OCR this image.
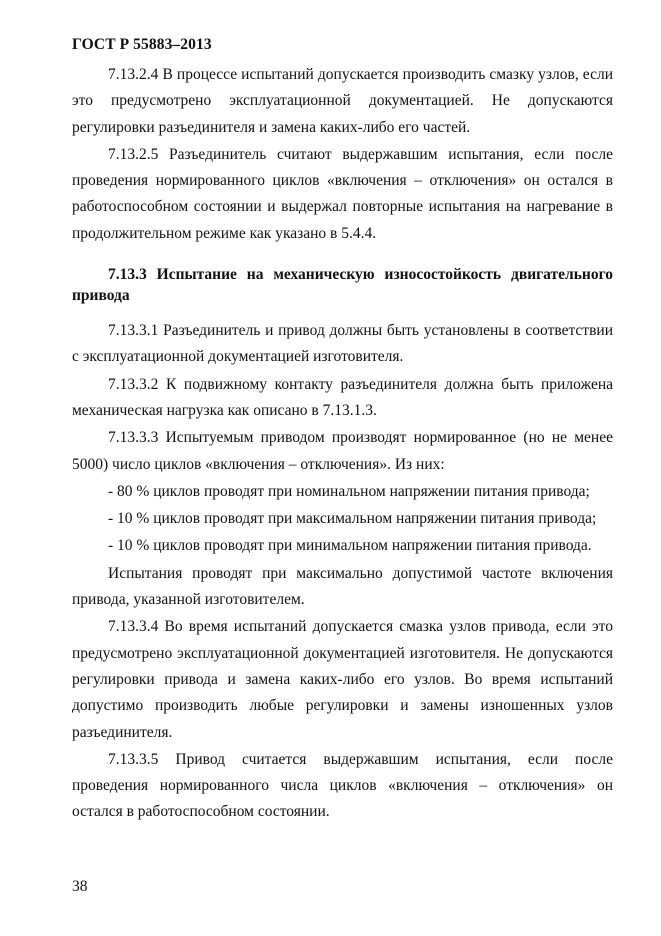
ГОСТ Р 55883–2013

7.13.2.4 В процессе испытаний допускается производить смазку узлов, если это предусмотрено эксплуатационной документацией. Не допускаются регулировки разъединителя и замена каких-либо его частей.

7.13.2.5 Разъединитель считают выдержавшим испытания, если после проведения нормированного циклов «включения – отключения» он остался в работоспособном состоянии и выдержал повторные испытания на нагревание в продолжительном режиме как указано в 5.4.4.

7.13.3 Испытание на механическую износостойкость двигательного привода

7.13.3.1 Разъединитель и привод должны быть установлены в соответствии с эксплуатационной документацией изготовителя.

7.13.3.2 К подвижному контакту разъединителя должна быть приложена механическая нагрузка как описано в 7.13.1.3.

7.13.3.3 Испытуемым приводом производят нормированное (но не менее 5000) число циклов «включения – отключения». Из них:

- 80 % циклов проводят при номинальном напряжении питания привода;

- 10 % циклов проводят при максимальном напряжении питания привода;

- 10 % циклов проводят при минимальном напряжении питания привода.

Испытания проводят при максимально допустимой частоте включения привода, указанной изготовителем.

7.13.3.4 Во время испытаний допускается смазка узлов привода, если это предусмотрено эксплуатационной документацией изготовителя. Не допускаются регулировки привода и замена каких-либо его узлов. Во время испытаний допустимо производить любые регулировки и замены изношенных узлов разъединителя.

7.13.3.5 Привод считается выдержавшим испытания, если после проведения нормированного числа циклов «включения – отключения» он остался в работоспособном состоянии.

38
